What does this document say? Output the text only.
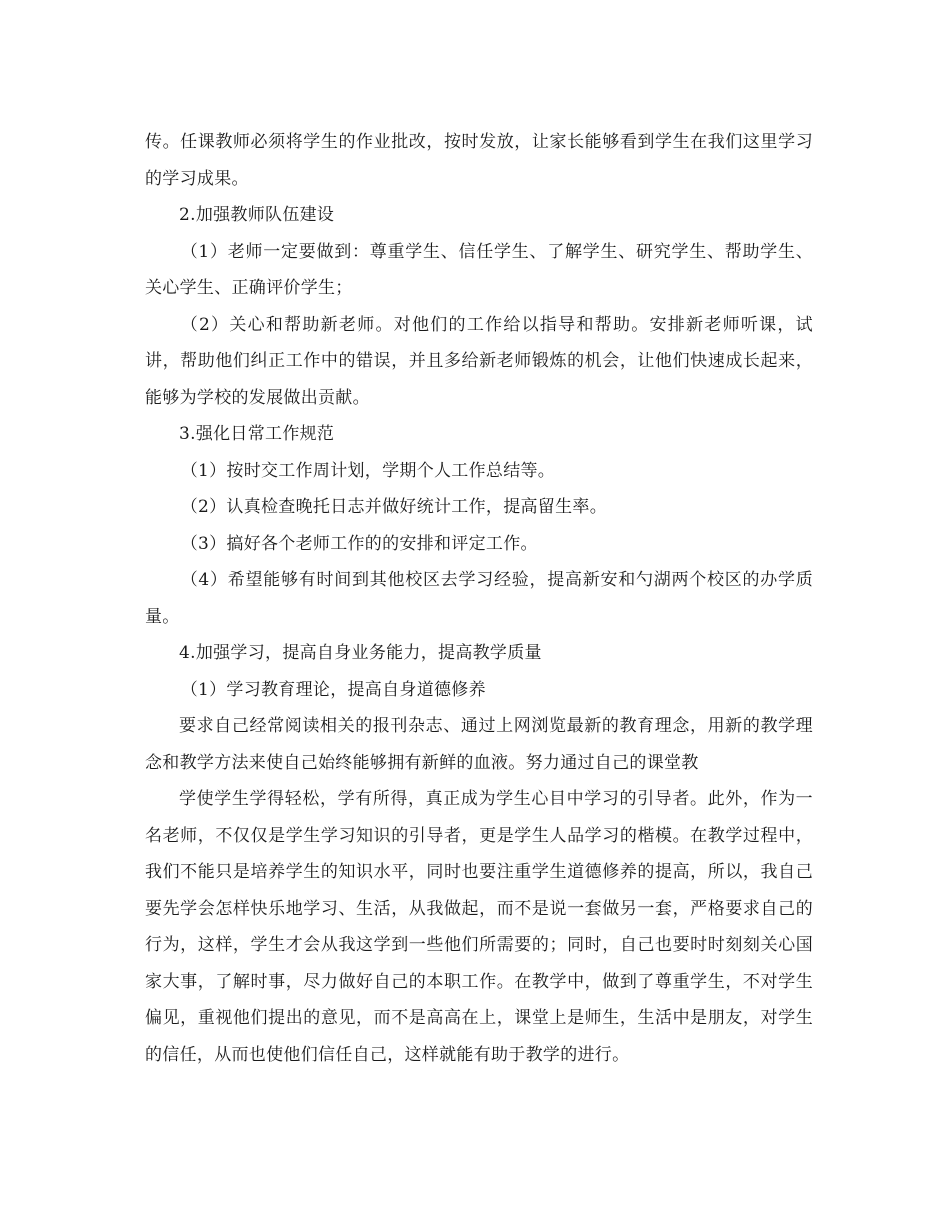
传。任课教师必须将学生的作业批改，按时发放，让家长能够看到学生在我们这里学习的学习成果。

2.加强教师队伍建设

（1）老师一定要做到：尊重学生、信任学生、了解学生、研究学生、帮助学生、关心学生、正确评价学生；

（2）关心和帮助新老师。对他们的工作给以指导和帮助。安排新老师听课，试讲，帮助他们纠正工作中的错误，并且多给新老师锻炼的机会，让他们快速成长起来，能够为学校的发展做出贡献。

3.强化日常工作规范

（1）按时交工作周计划，学期个人工作总结等。

（2）认真检查晚托日志并做好统计工作，提高留生率。

（3）搞好各个老师工作的的安排和评定工作。

（4）希望能够有时间到其他校区去学习经验，提高新安和勺湖两个校区的办学质量。

4.加强学习，提高自身业务能力，提高教学质量

（1）学习教育理论，提高自身道德修养

要求自己经常阅读相关的报刊杂志、通过上网浏览最新的教育理念，用新的教学理念和教学方法来使自己始终能够拥有新鲜的血液。努力通过自己的课堂教

学使学生学得轻松，学有所得，真正成为学生心目中学习的引导者。此外，作为一名老师，不仅仅是学生学习知识的引导者，更是学生人品学习的楷模。在教学过程中，我们不能只是培养学生的知识水平，同时也要注重学生道德修养的提高，所以，我自己要先学会怎样快乐地学习、生活，从我做起，而不是说一套做另一套，严格要求自己的行为，这样，学生才会从我这学到一些他们所需要的；同时，自己也要时时刻刻关心国家大事，了解时事，尽力做好自己的本职工作。在教学中，做到了尊重学生，不对学生偏见，重视他们提出的意见，而不是高高在上，课堂上是师生，生活中是朋友，对学生的信任，从而也使他们信任自己，这样就能有助于教学的进行。
